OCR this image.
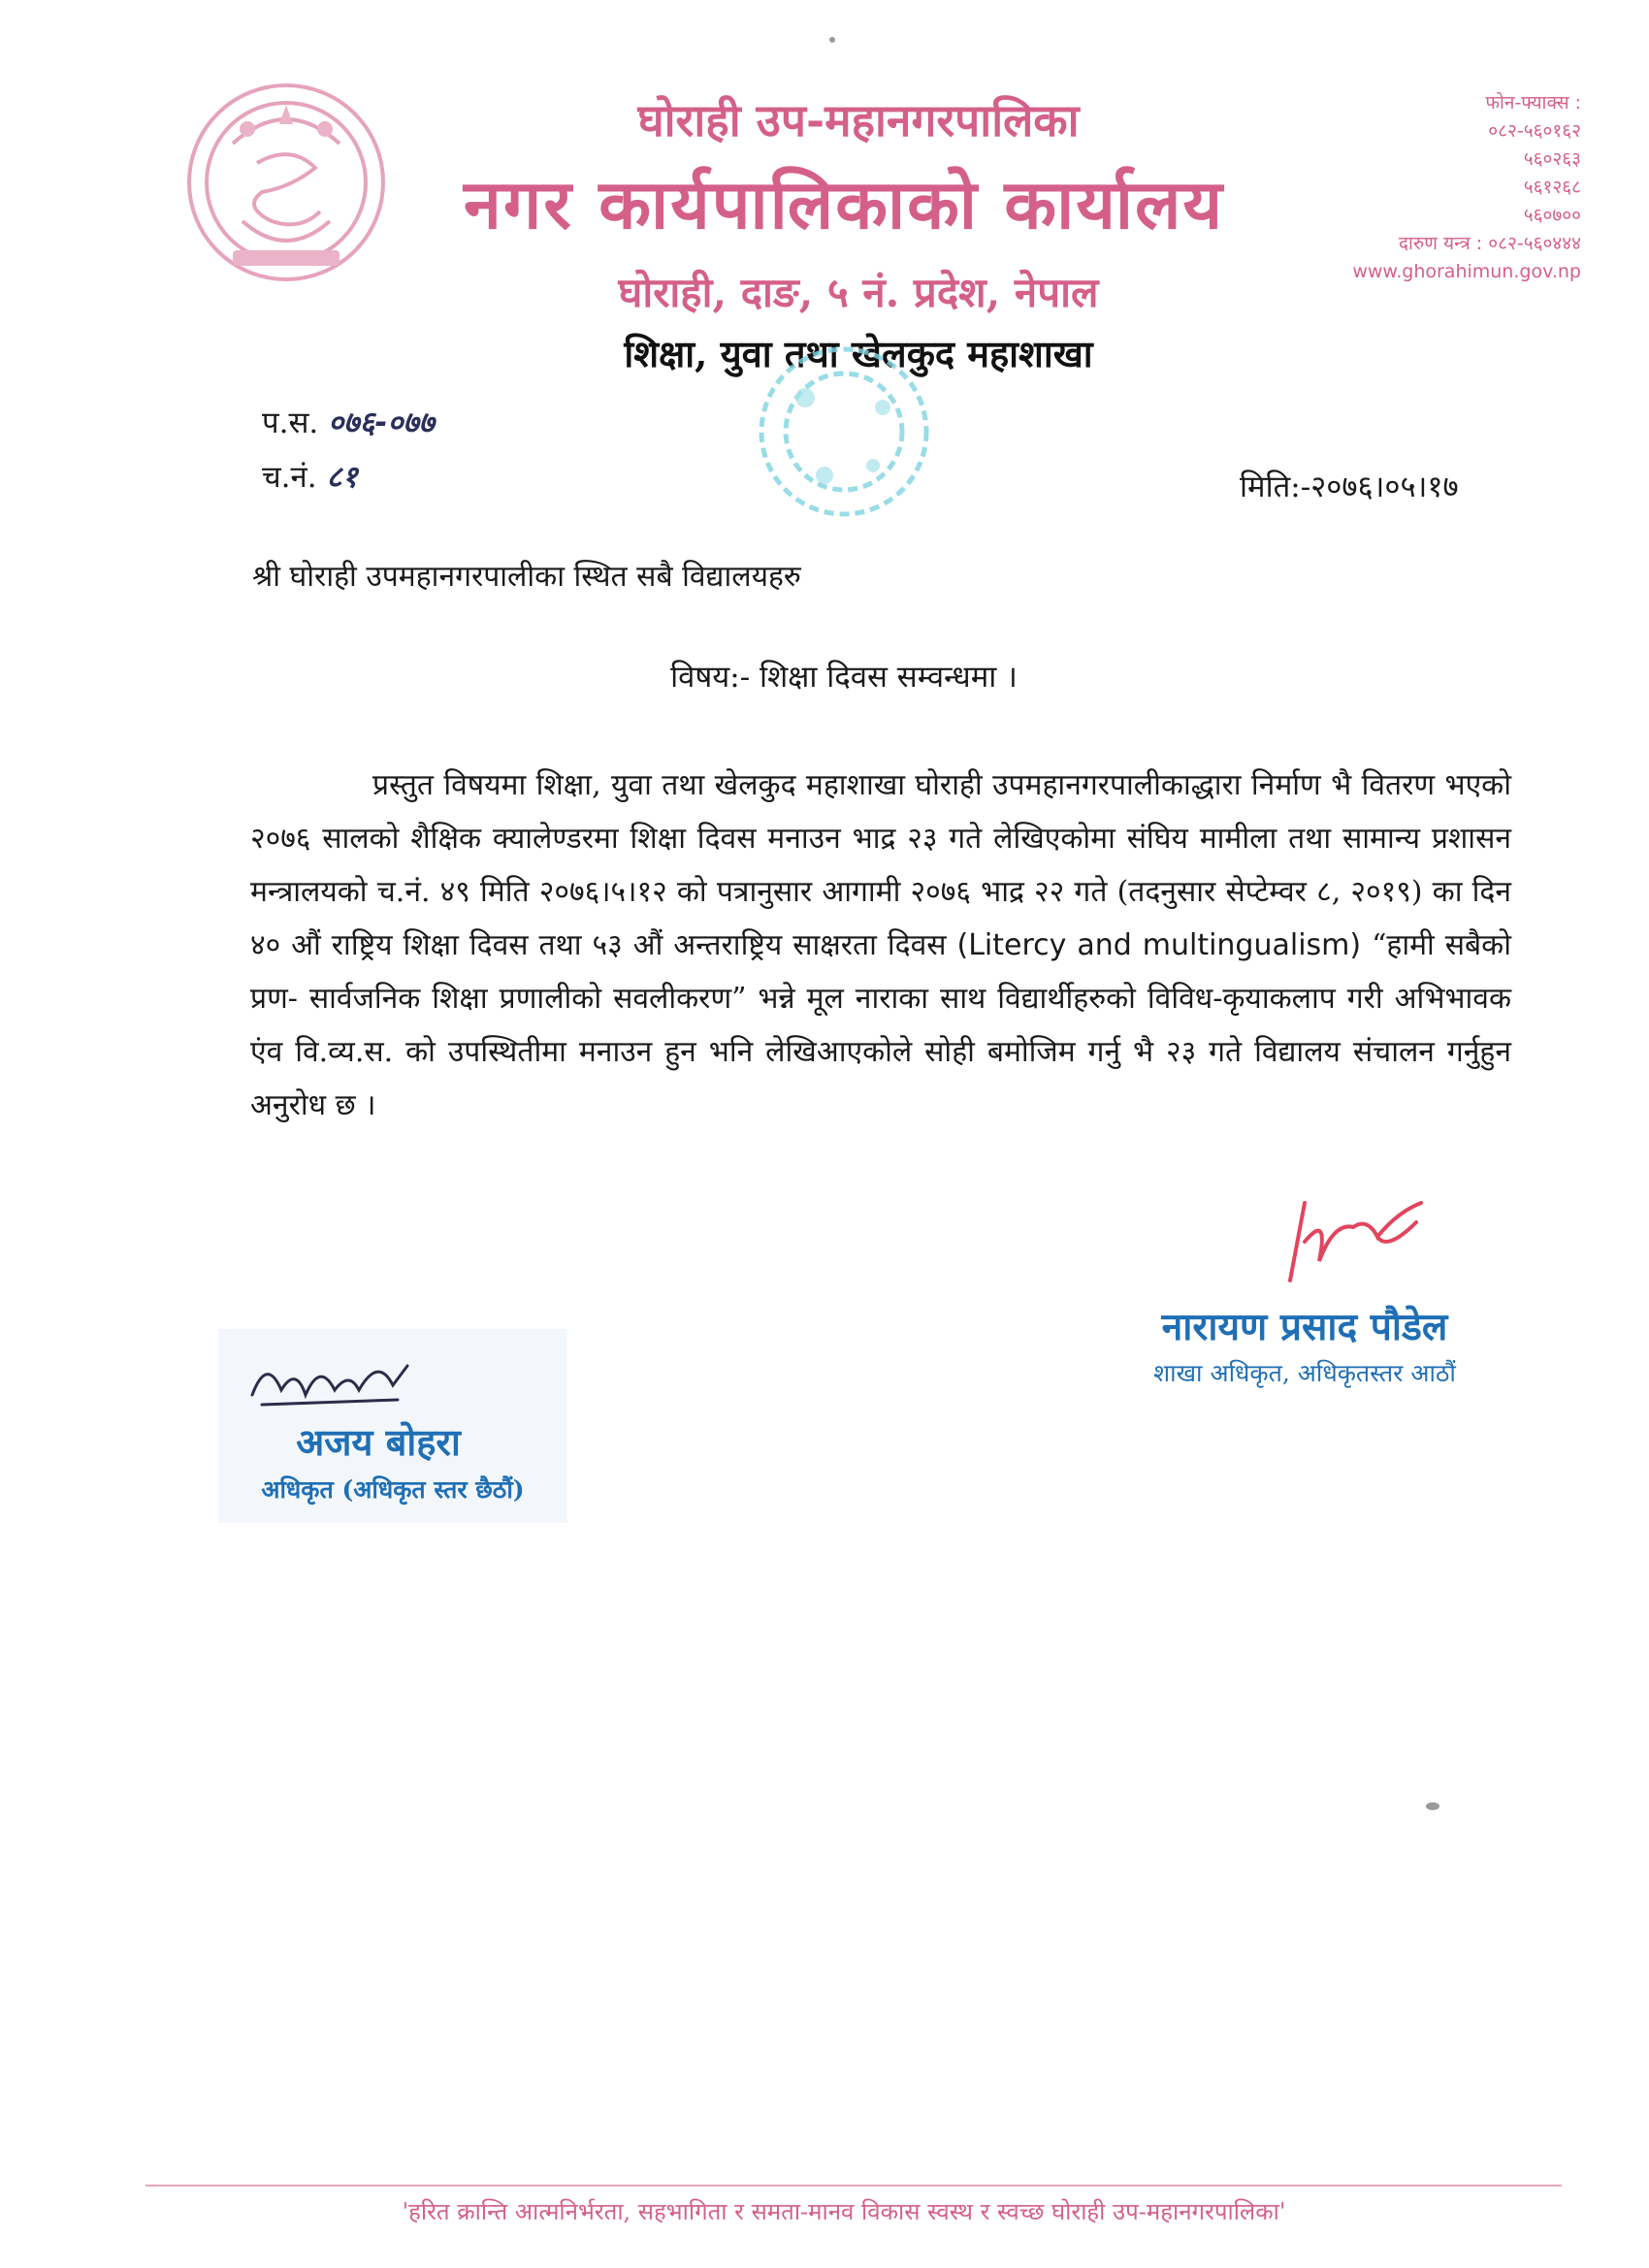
घोराही उप-महानगरपालिका
नगर कार्यपालिकाको कार्यालय
घोराही, दाङ, ५ नं. प्रदेश, नेपाल
शिक्षा, युवा तथा खेलकुद महाशाखा
फोन-फ्याक्स :
०८२-५६०१६२
५६०२६३
५६१२६८
५६०७००
दारुण यन्त्र : ०८२-५६०४४४
www.ghorahimun.gov.np
प.स. ०७६-०७७
च.नं. ८१	मिति:-२०७६।०५।१७
श्री घोराही उपमहानगरपालीका स्थित सबै विद्यालयहरु
विषय:- शिक्षा दिवस सम्वन्धमा ।
प्रस्तुत विषयमा शिक्षा, युवा तथा खेलकुद महाशाखा घोराही उपमहानगरपालीकाद्धारा निर्माण भै वितरण भएको २०७६ सालको शैक्षिक क्यालेण्डरमा शिक्षा दिवस मनाउन भाद्र २३ गते लेखिएकोमा संघिय मामीला तथा सामान्य प्रशासन मन्त्रालयको च.नं. ४९ मिति २०७६।५।१२ को पत्रानुसार आगामी २०७६ भाद्र २२ गते (तदनुसार सेप्टेम्वर ८, २०१९) का दिन ४० औं राष्ट्रिय शिक्षा दिवस तथा ५३ औं अन्तराष्ट्रिय साक्षरता दिवस (Litercy and multingualism) “हामी सबैको प्रण- सार्वजनिक शिक्षा प्रणालीको सवलीकरण” भन्ने मूल नाराका साथ विद्यार्थीहरुको विविध-कृयाकलाप गरी अभिभावक एंव वि.व्य.स. को उपस्थितीमा मनाउन हुन भनि लेखिआएकोले सोही बमोजिम गर्नु भै २३ गते विद्यालय संचालन गर्नुहुन अनुरोध छ ।
नारायण प्रसाद पौडेल
शाखा अधिकृत, अधिकृतस्तर आठौं
अजय बोहरा
अधिकृत (अधिकृत स्तर छैठौं)
'हरित क्रान्ति आत्मनिर्भरता, सहभागिता र समता-मानव विकास स्वस्थ र स्वच्छ घोराही उप-महानगरपालिका'
